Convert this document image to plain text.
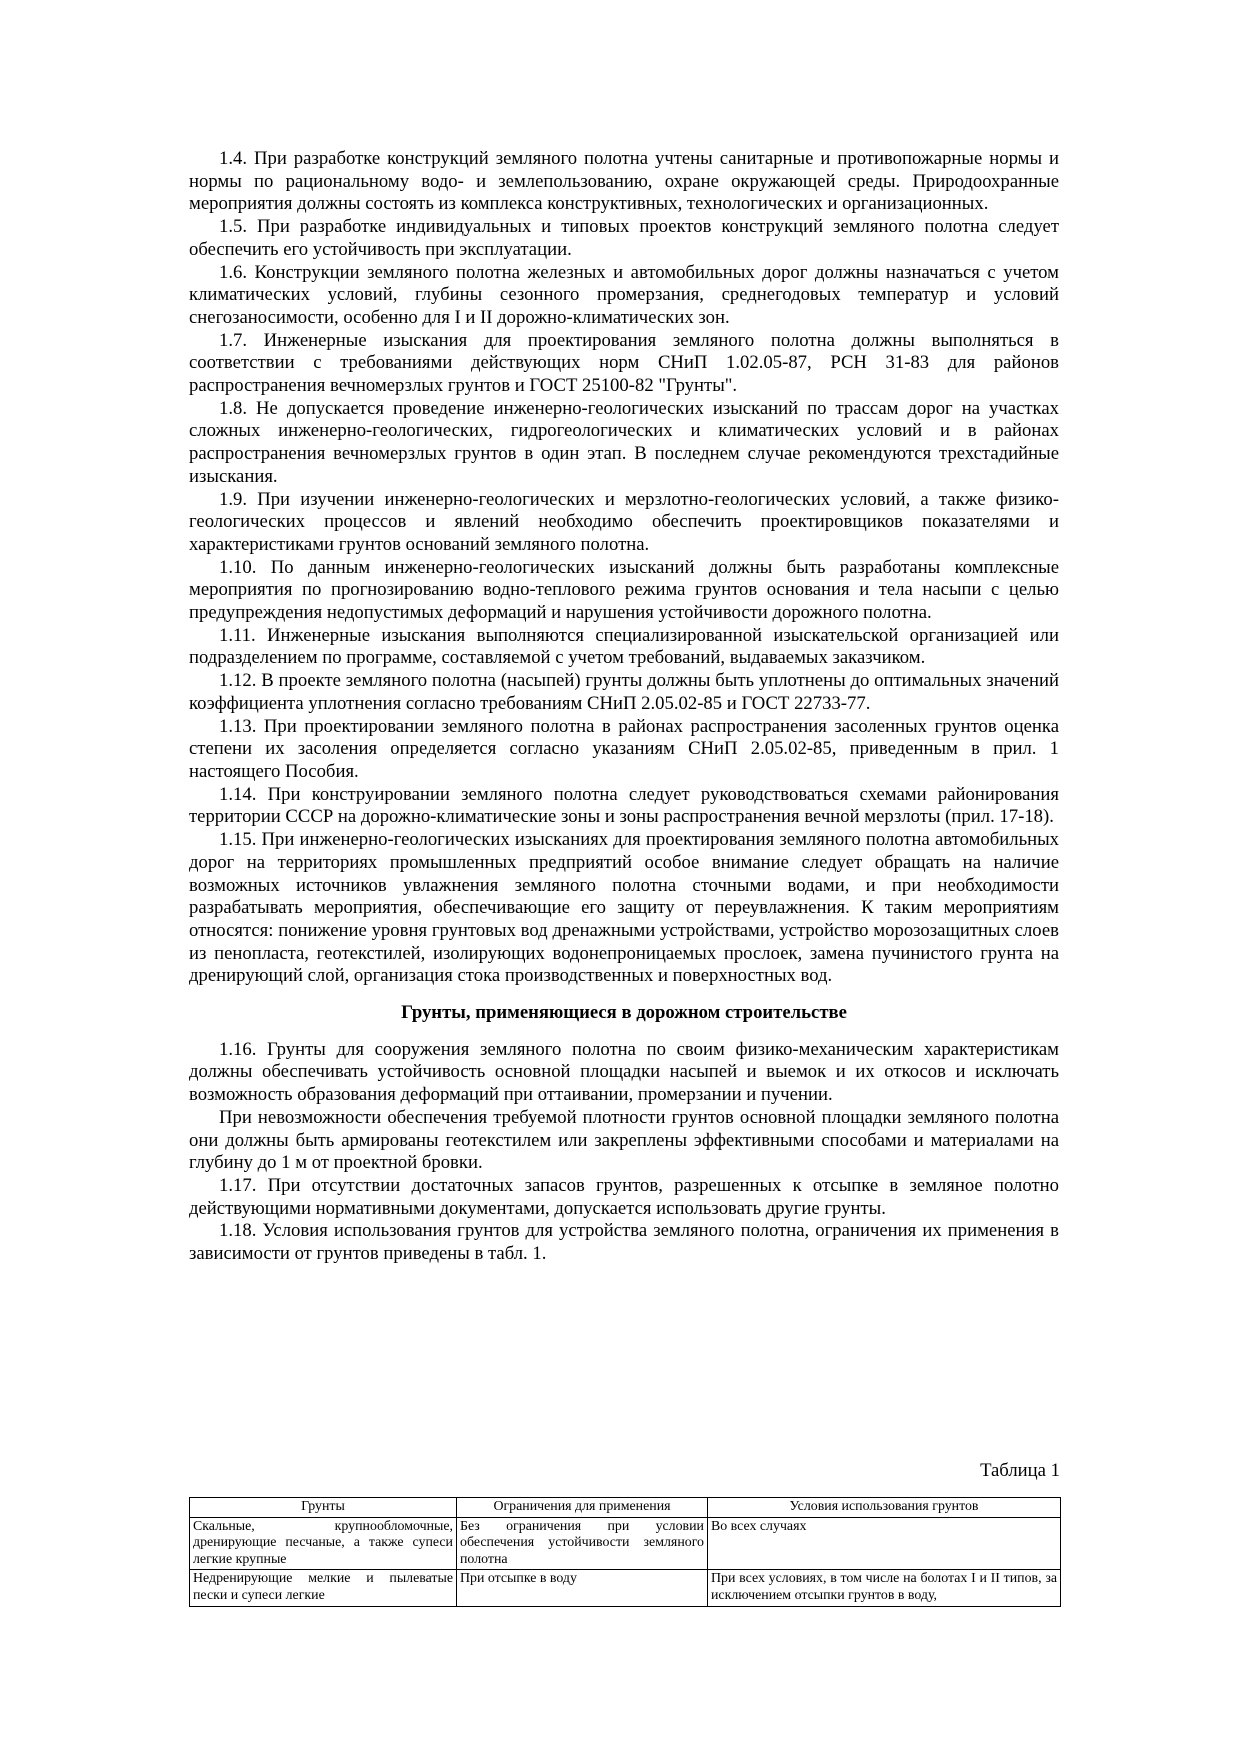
1.4. При разработке конструкций земляного полотна учтены санитарные и противопожарные нормы и нормы по рациональному водо- и землепользованию, охране окружающей среды. Природоохранные мероприятия должны состоять из комплекса конструктивных, технологических и организационных.

1.5. При разработке индивидуальных и типовых проектов конструкций земляного полотна следует обеспечить его устойчивость при эксплуатации.

1.6. Конструкции земляного полотна железных и автомобильных дорог должны назначаться с учетом климатических условий, глубины сезонного промерзания, среднегодовых температур и условий снегозаносимости, особенно для I и II дорожно-климатических зон.

1.7. Инженерные изыскания для проектирования земляного полотна должны выполняться в соответствии с требованиями действующих норм СНиП 1.02.05-87, РСН 31-83 для районов распространения вечномерзлых грунтов и ГОСТ 25100-82 "Грунты".

1.8. Не допускается проведение инженерно-геологических изысканий по трассам дорог на участках сложных инженерно-геологических, гидрогеологических и климатических условий и в районах распространения вечномерзлых грунтов в один этап. В последнем случае рекомендуются трехстадийные изыскания.

1.9. При изучении инженерно-геологических и мерзлотно-геологических условий, а также физико-геологических процессов и явлений необходимо обеспечить проектировщиков показателями и характеристиками грунтов оснований земляного полотна.

1.10. По данным инженерно-геологических изысканий должны быть разработаны комплексные мероприятия по прогнозированию водно-теплового режима грунтов основания и тела насыпи с целью предупреждения недопустимых деформаций и нарушения устойчивости дорожного полотна.

1.11. Инженерные изыскания выполняются специализированной изыскательской организацией или подразделением по программе, составляемой с учетом требований, выдаваемых заказчиком.

1.12. В проекте земляного полотна (насыпей) грунты должны быть уплотнены до оптимальных значений коэффициента уплотнения согласно требованиям СНиП 2.05.02-85 и ГОСТ 22733-77.

1.13. При проектировании земляного полотна в районах распространения засоленных грунтов оценка степени их засоления определяется согласно указаниям СНиП 2.05.02-85, приведенным в прил. 1 настоящего Пособия.

1.14. При конструировании земляного полотна следует руководствоваться схемами районирования территории СССР на дорожно-климатические зоны и зоны распространения вечной мерзлоты (прил. 17-18).

1.15. При инженерно-геологических изысканиях для проектирования земляного полотна автомобильных дорог на территориях промышленных предприятий особое внимание следует обращать на наличие возможных источников увлажнения земляного полотна сточными водами, и при необходимости разрабатывать мероприятия, обеспечивающие его защиту от переувлажнения. К таким мероприятиям относятся: понижение уровня грунтовых вод дренажными устройствами, устройство морозозащитных слоев из пенопласта, геотекстилей, изолирующих водонепроницаемых прослоек, замена пучинистого грунта на дренирующий слой, организация стока производственных и поверхностных вод.

Грунты, применяющиеся в дорожном строительстве

1.16. Грунты для сооружения земляного полотна по своим физико-механическим характеристикам должны обеспечивать устойчивость основной площадки насыпей и выемок и их откосов и исключать возможность образования деформаций при оттаивании, промерзании и пучении.

При невозможности обеспечения требуемой плотности грунтов основной площадки земляного полотна они должны быть армированы геотекстилем или закреплены эффективными способами и материалами на глубину до 1 м от проектной бровки.

1.17. При отсутствии достаточных запасов грунтов, разрешенных к отсыпке в земляное полотно действующими нормативными документами, допускается использовать другие грунты.

1.18. Условия использования грунтов для устройства земляного полотна, ограничения их применения в зависимости от грунтов приведены в табл. 1.

Таблица 1
Грунты	Ограничения для применения	Условия использования грунтов
Скальные, крупнообломочные, дренирующие песчаные, а также супеси легкие крупные	Без ограничения при условии обеспечения устойчивости земляного полотна	Во всех случаях
Недренирующие мелкие и пылеватые пески и супеси легкие	При отсыпке в воду	При всех условиях, в том числе на болотах I и II типов, за исключением отсыпки грунтов в воду,
